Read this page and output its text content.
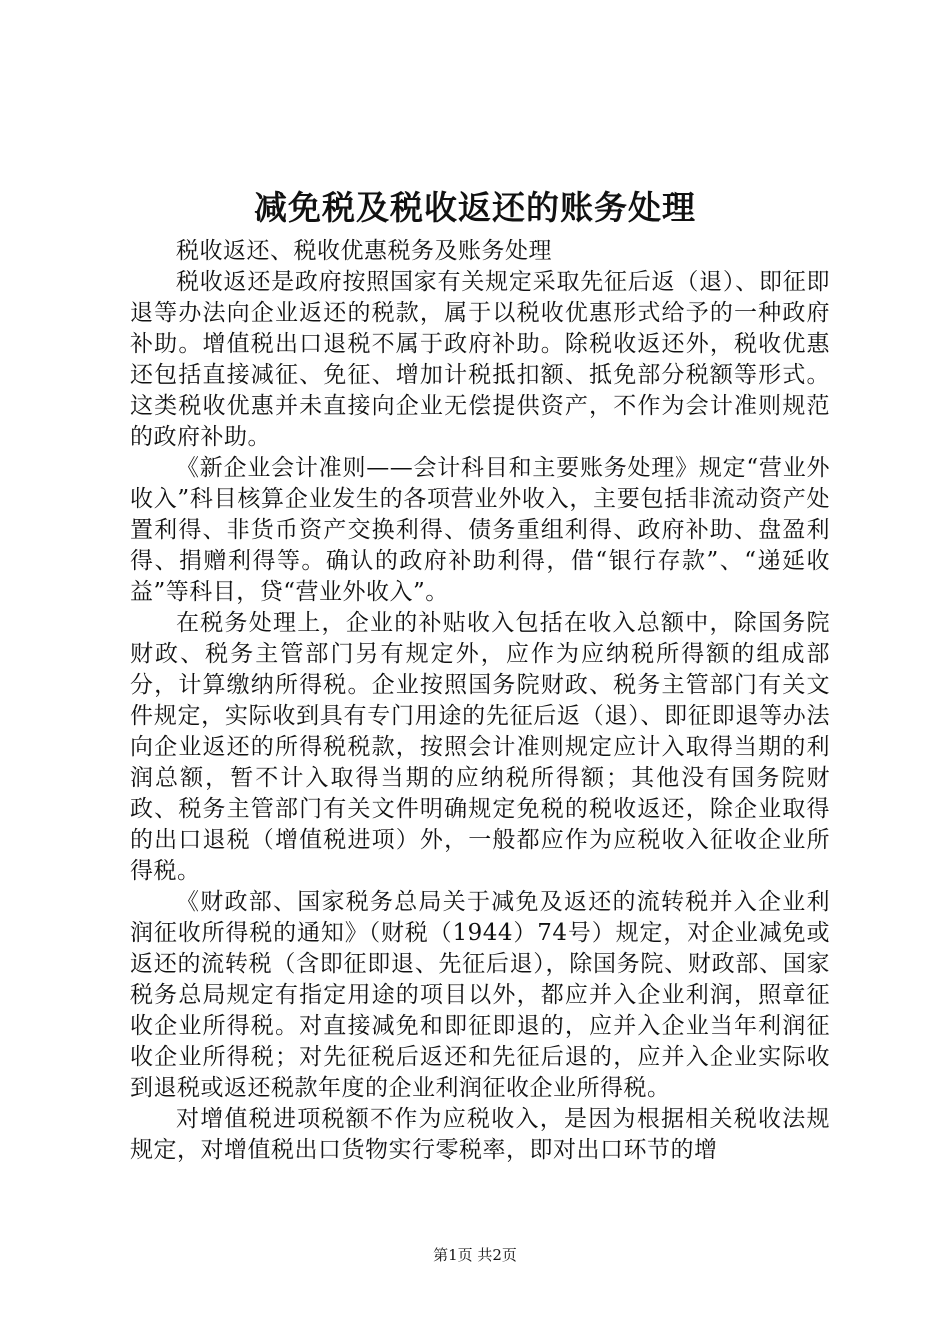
减免税及税收返还的账务处理

税收返还、税收优惠税务及账务处理

税收返还是政府按照国家有关规定采取先征后返（退）、即征即退等办法向企业返还的税款，属于以税收优惠形式给予的一种政府补助。增值税出口退税不属于政府补助。除税收返还外，税收优惠还包括直接减征、免征、增加计税抵扣额、抵免部分税额等形式。这类税收优惠并未直接向企业无偿提供资产，不作为会计准则规范的政府补助。

《新企业会计准则——会计科目和主要账务处理》规定“营业外收入”科目核算企业发生的各项营业外收入，主要包括非流动资产处置利得、非货币资产交换利得、债务重组利得、政府补助、盘盈利得、捐赠利得等。确认的政府补助利得，借“银行存款”、“递延收益”等科目，贷“营业外收入”。

在税务处理上，企业的补贴收入包括在收入总额中，除国务院财政、税务主管部门另有规定外，应作为应纳税所得额的组成部分，计算缴纳所得税。企业按照国务院财政、税务主管部门有关文件规定，实际收到具有专门用途的先征后返（退）、即征即退等办法向企业返还的所得税税款，按照会计准则规定应计入取得当期的利润总额，暂不计入取得当期的应纳税所得额；其他没有国务院财政、税务主管部门有关文件明确规定免税的税收返还，除企业取得的出口退税（增值税进项）外，一般都应作为应税收入征收企业所得税。

《财政部、国家税务总局关于减免及返还的流转税并入企业利润征收所得税的通知》（财税（1944）74号）规定，对企业减免或返还的流转税（含即征即退、先征后退），除国务院、财政部、国家税务总局规定有指定用途的项目以外，都应并入企业利润，照章征收企业所得税。对直接减免和即征即退的，应并入企业当年利润征收企业所得税；对先征税后返还和先征后退的，应并入企业实际收到退税或返还税款年度的企业利润征收企业所得税。

对增值税进项税额不作为应税收入，是因为根据相关税收法规规定，对增值税出口货物实行零税率，即对出口环节的增

第1页 共2页
